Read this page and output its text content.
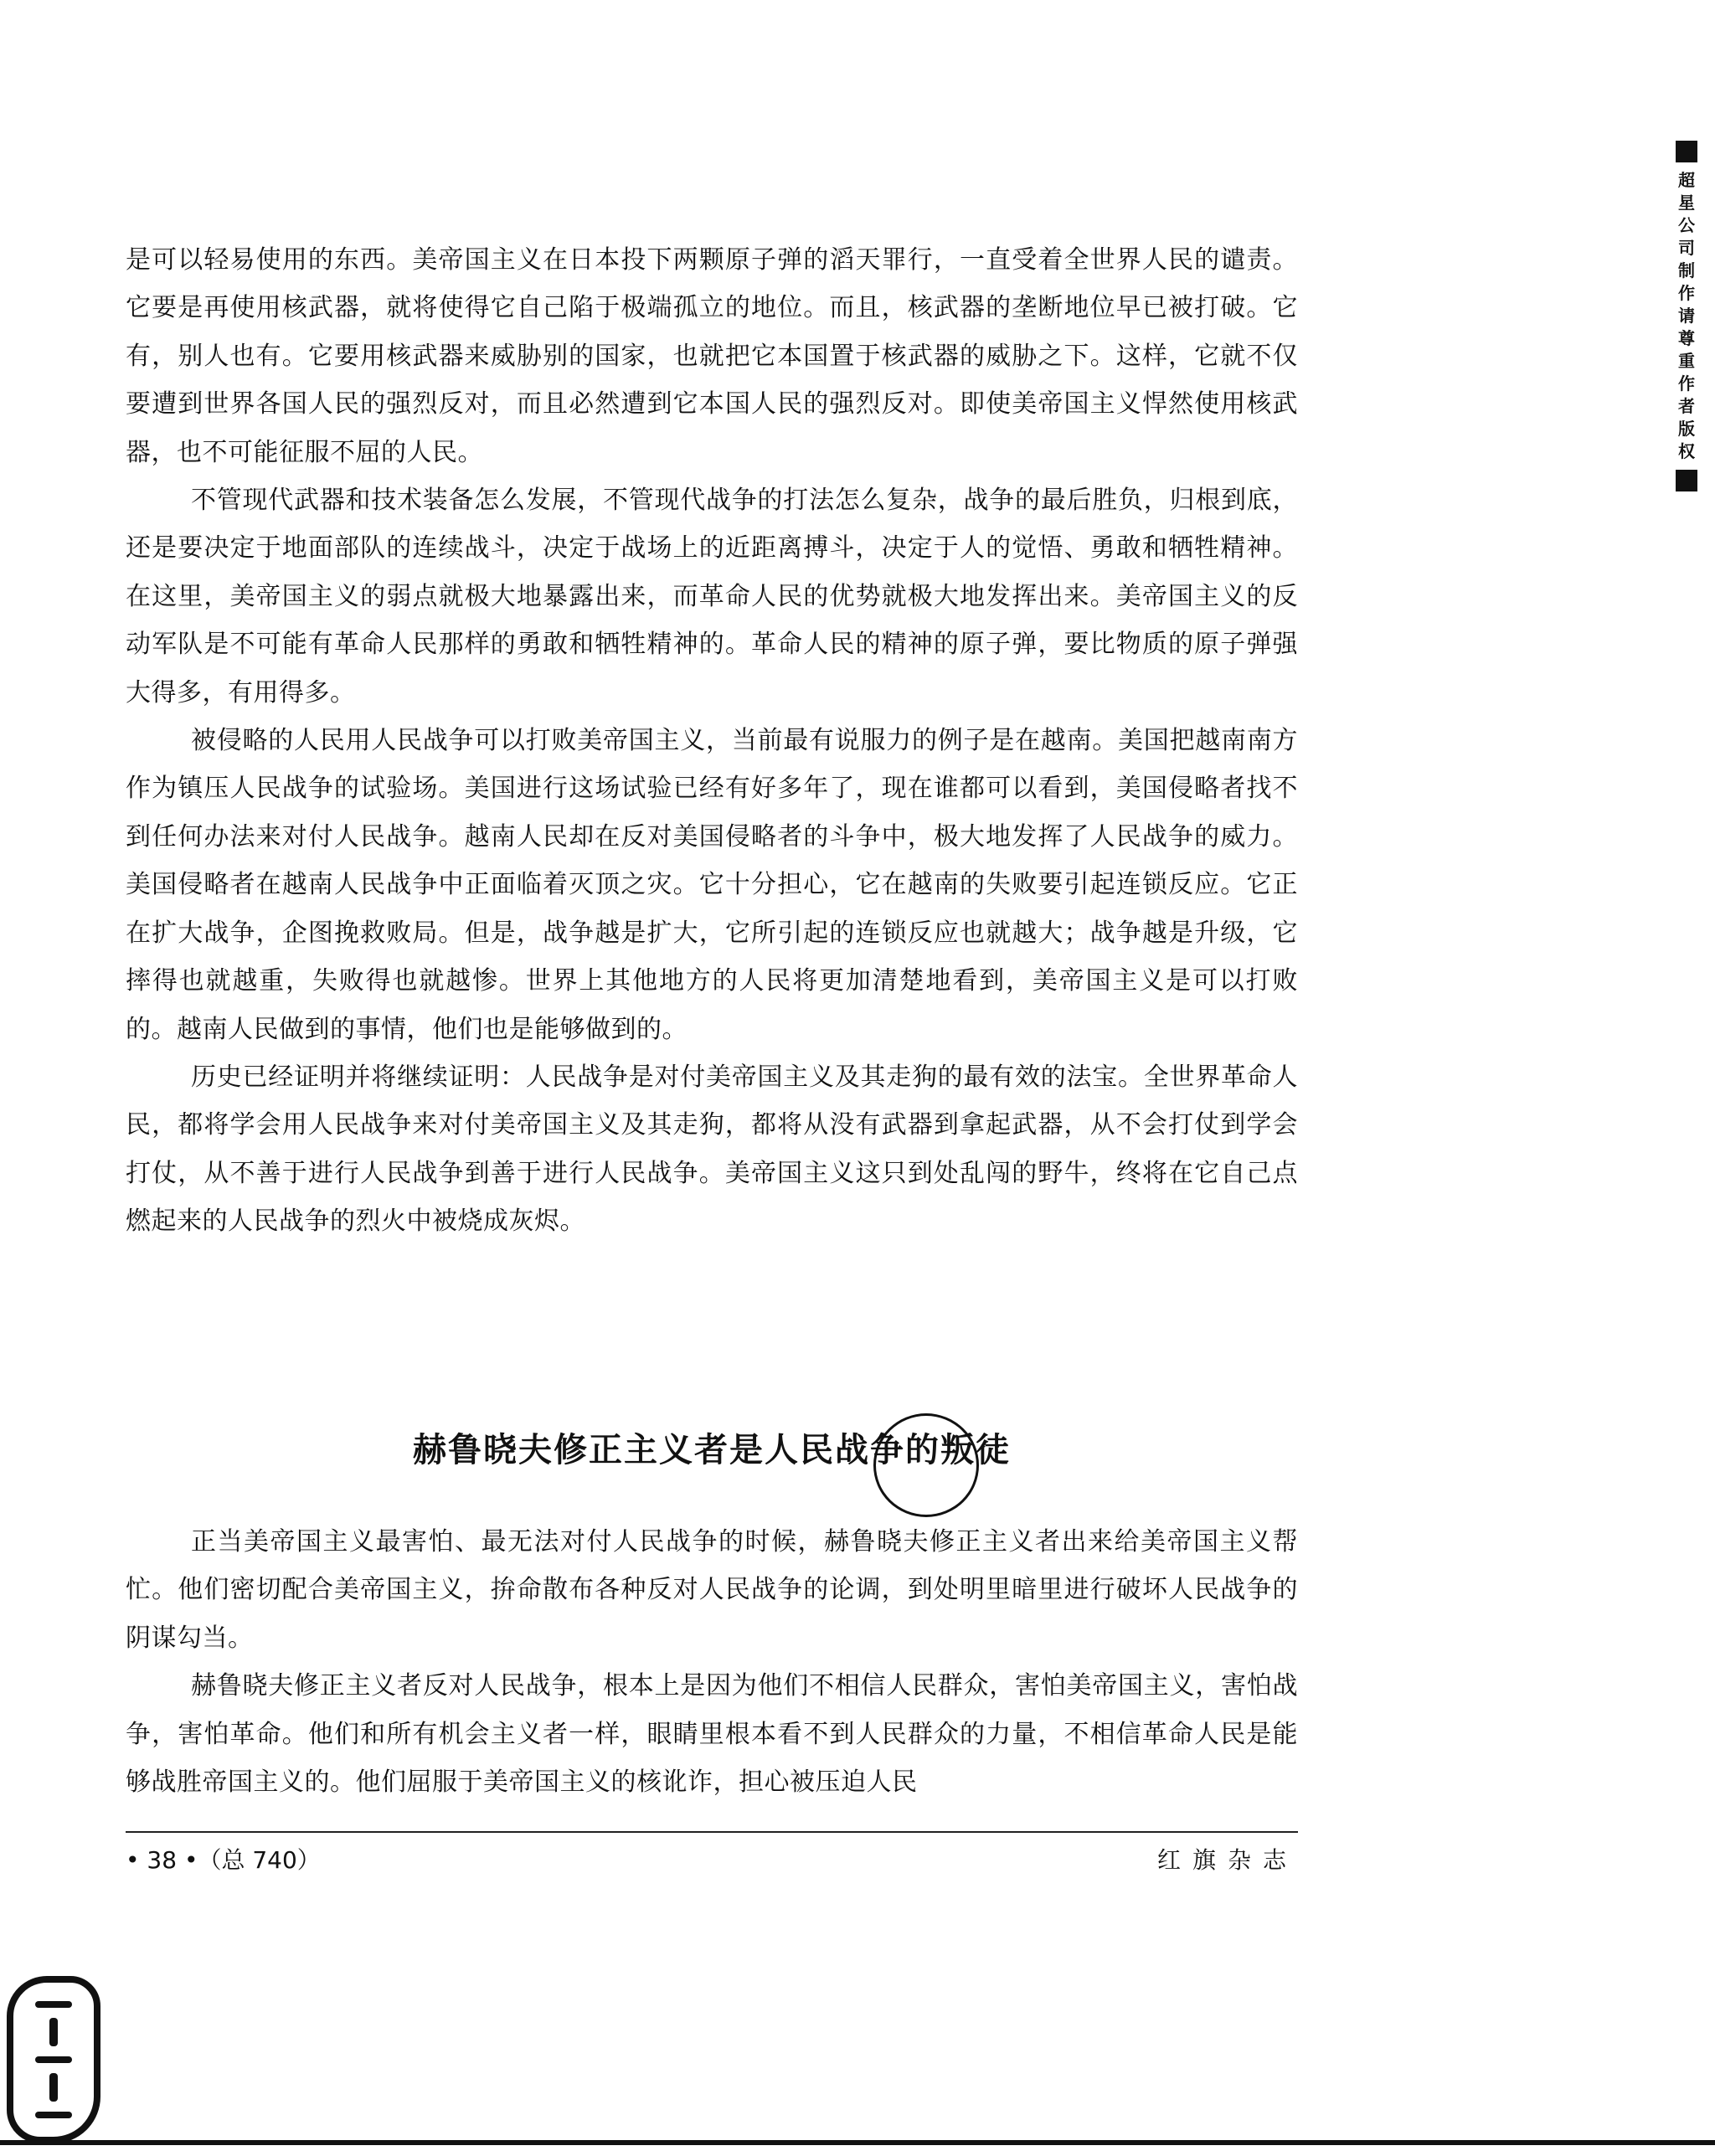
超星公司制作请尊重作者版权

是可以轻易使用的东西。美帝国主义在日本投下两颗原子弹的滔天罪行，一直受着全世界人民的谴责。它要是再使用核武器，就将使得它自己陷于极端孤立的地位。而且，核武器的垄断地位早已被打破。它有，别人也有。它要用核武器来威胁别的国家，也就把它本国置于核武器的威胁之下。这样，它就不仅要遭到世界各国人民的强烈反对，而且必然遭到它本国人民的强烈反对。即使美帝国主义悍然使用核武器，也不可能征服不屈的人民。

不管现代武器和技术装备怎么发展，不管现代战争的打法怎么复杂，战争的最后胜负，归根到底，还是要决定于地面部队的连续战斗，决定于战场上的近距离搏斗，决定于人的觉悟、勇敢和牺牲精神。在这里，美帝国主义的弱点就极大地暴露出来，而革命人民的优势就极大地发挥出来。美帝国主义的反动军队是不可能有革命人民那样的勇敢和牺牲精神的。革命人民的精神的原子弹，要比物质的原子弹强大得多，有用得多。

被侵略的人民用人民战争可以打败美帝国主义，当前最有说服力的例子是在越南。美国把越南南方作为镇压人民战争的试验场。美国进行这场试验已经有好多年了，现在谁都可以看到，美国侵略者找不到任何办法来对付人民战争。越南人民却在反对美国侵略者的斗争中，极大地发挥了人民战争的威力。美国侵略者在越南人民战争中正面临着灭顶之灾。它十分担心，它在越南的失败要引起连锁反应。它正在扩大战争，企图挽救败局。但是，战争越是扩大，它所引起的连锁反应也就越大；战争越是升级，它摔得也就越重，失败得也就越惨。世界上其他地方的人民将更加清楚地看到，美帝国主义是可以打败的。越南人民做到的事情，他们也是能够做到的。

历史已经证明并将继续证明：人民战争是对付美帝国主义及其走狗的最有效的法宝。全世界革命人民，都将学会用人民战争来对付美帝国主义及其走狗，都将从没有武器到拿起武器，从不会打仗到学会打仗，从不善于进行人民战争到善于进行人民战争。美帝国主义这只到处乱闯的野牛，终将在它自己点燃起来的人民战争的烈火中被烧成灰烬。

赫鲁晓夫修正主义者是人民战争的叛徒

正当美帝国主义最害怕、最无法对付人民战争的时候，赫鲁晓夫修正主义者出来给美帝国主义帮忙。他们密切配合美帝国主义，拚命散布各种反对人民战争的论调，到处明里暗里进行破坏人民战争的阴谋勾当。

赫鲁晓夫修正主义者反对人民战争，根本上是因为他们不相信人民群众，害怕美帝国主义，害怕战争，害怕革命。他们和所有机会主义者一样，眼睛里根本看不到人民群众的力量，不相信革命人民是能够战胜帝国主义的。他们屈服于美帝国主义的核讹诈，担心被压迫人民

• 38 •（总 740）	红旗杂志
